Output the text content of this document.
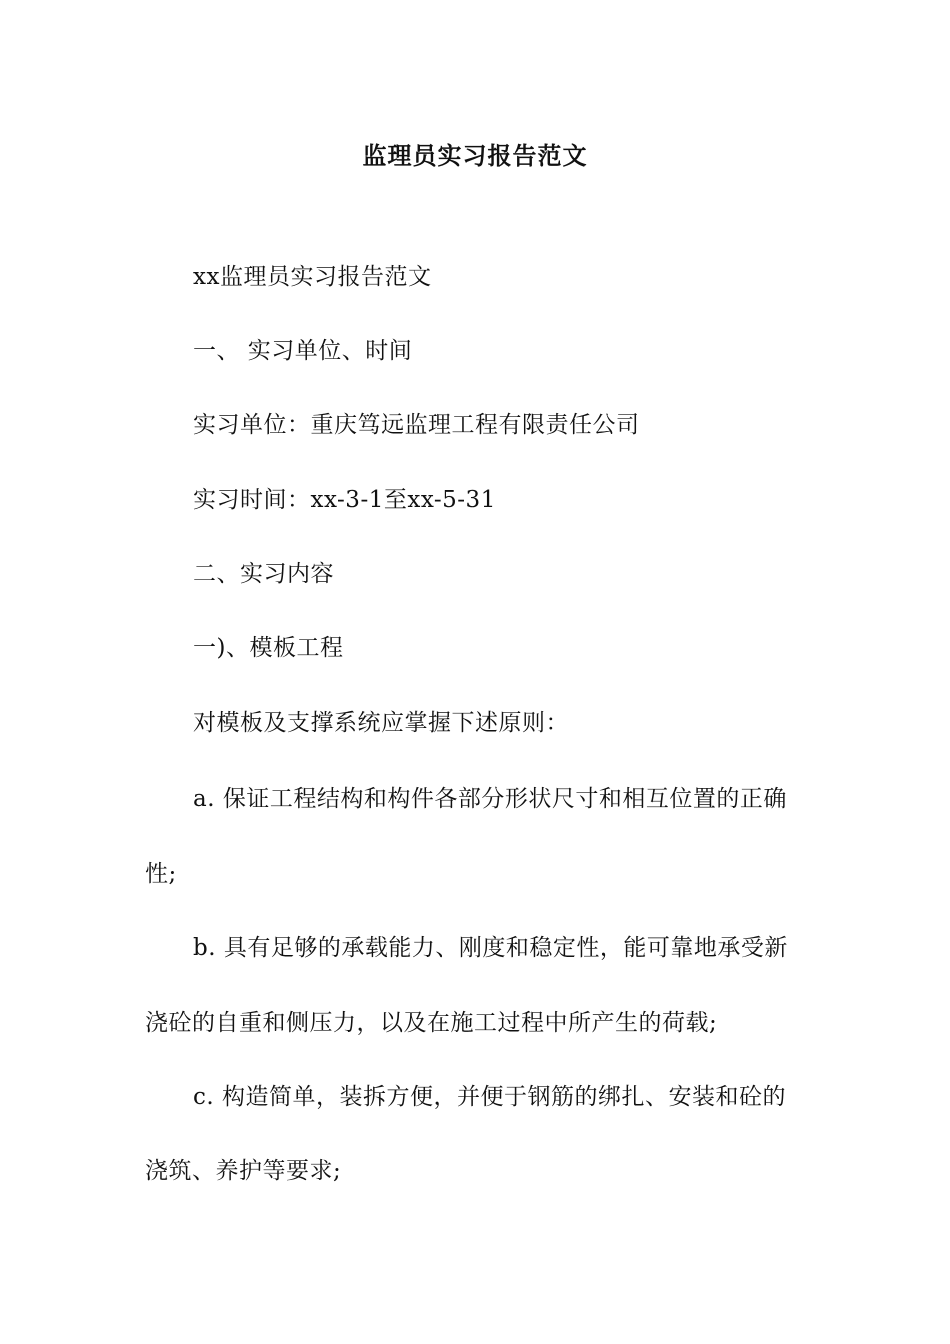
监理员实习报告范文
xx监理员实习报告范文
一、 实习单位、时间
实习单位：重庆笃远监理工程有限责任公司
实习时间：xx-3-1至xx-5-31
二、实习内容
一)、模板工程
对模板及支撑系统应掌握下述原则：
a. 保证工程结构和构件各部分形状尺寸和相互位置的正确
性;
b. 具有足够的承载能力、刚度和稳定性，能可靠地承受新
浇砼的自重和侧压力，以及在施工过程中所产生的荷载;
c. 构造简单，装拆方便，并便于钢筋的绑扎、安装和砼的
浇筑、养护等要求;
